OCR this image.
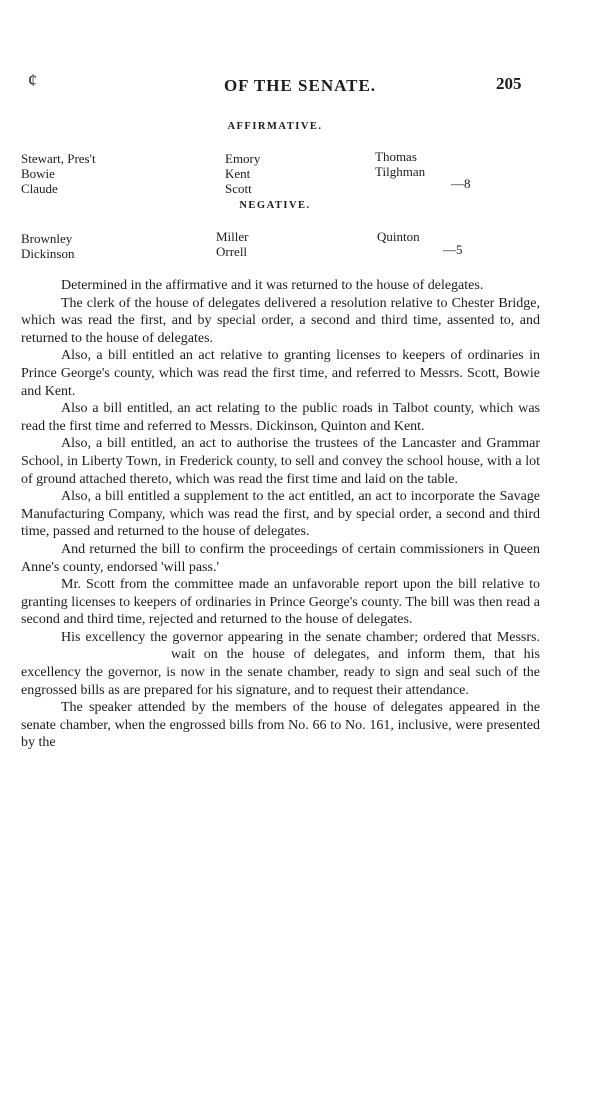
¢	OF THE SENATE.	205
AFFIRMATIVE.
Stewart, Pres't
Bowie
Claude
Emory
Kent
Scott
Thomas
Tilghman
—8
NEGATIVE.
Brownley
Dickinson
Miller
Orrell
Quinton
—5

Determined in the affirmative and it was returned to the house of delegates.

The clerk of the house of delegates delivered a resolution relative to Chester Bridge, which was read the first, and by special order, a second and third time, assented to, and returned to the house of delegates.

Also, a bill entitled an act relative to granting licenses to keepers of ordinaries in Prince George's county, which was read the first time, and referred to Messrs. Scott, Bowie and Kent.

Also a bill entitled, an act relating to the public roads in Talbot county, which was read the first time and referred to Messrs. Dickinson, Quinton and Kent.

Also, a bill entitled, an act to authorise the trustees of the Lancaster and Grammar School, in Liberty Town, in Frederick county, to sell and convey the school house, with a lot of ground attached thereto, which was read the first time and laid on the table.

Also, a bill entitled a supplement to the act entitled, an act to incorporate the Savage Manufacturing Company, which was read the first, and by special order, a second and third time, passed and returned to the house of delegates.

And returned the bill to confirm the proceedings of certain commissioners in Queen Anne's county, endorsed 'will pass.'

Mr. Scott from the committee made an unfavorable report upon the bill relative to granting licenses to keepers of ordinaries in Prince George's county. The bill was then read a second and third time, rejected and returned to the house of delegates.

His excellency the governor appearing in the senate chamber; ordered that Messrs.wait on the house of delegates, and inform them, that his excellency the governor, is now in the senate chamber, ready to sign and seal such of the engrossed bills as are prepared for his signature, and to request their attendance.

The speaker attended by the members of the house of delegates appeared in the senate chamber, when the engrossed bills from No. 66 to No. 161, inclusive, were presented by the
